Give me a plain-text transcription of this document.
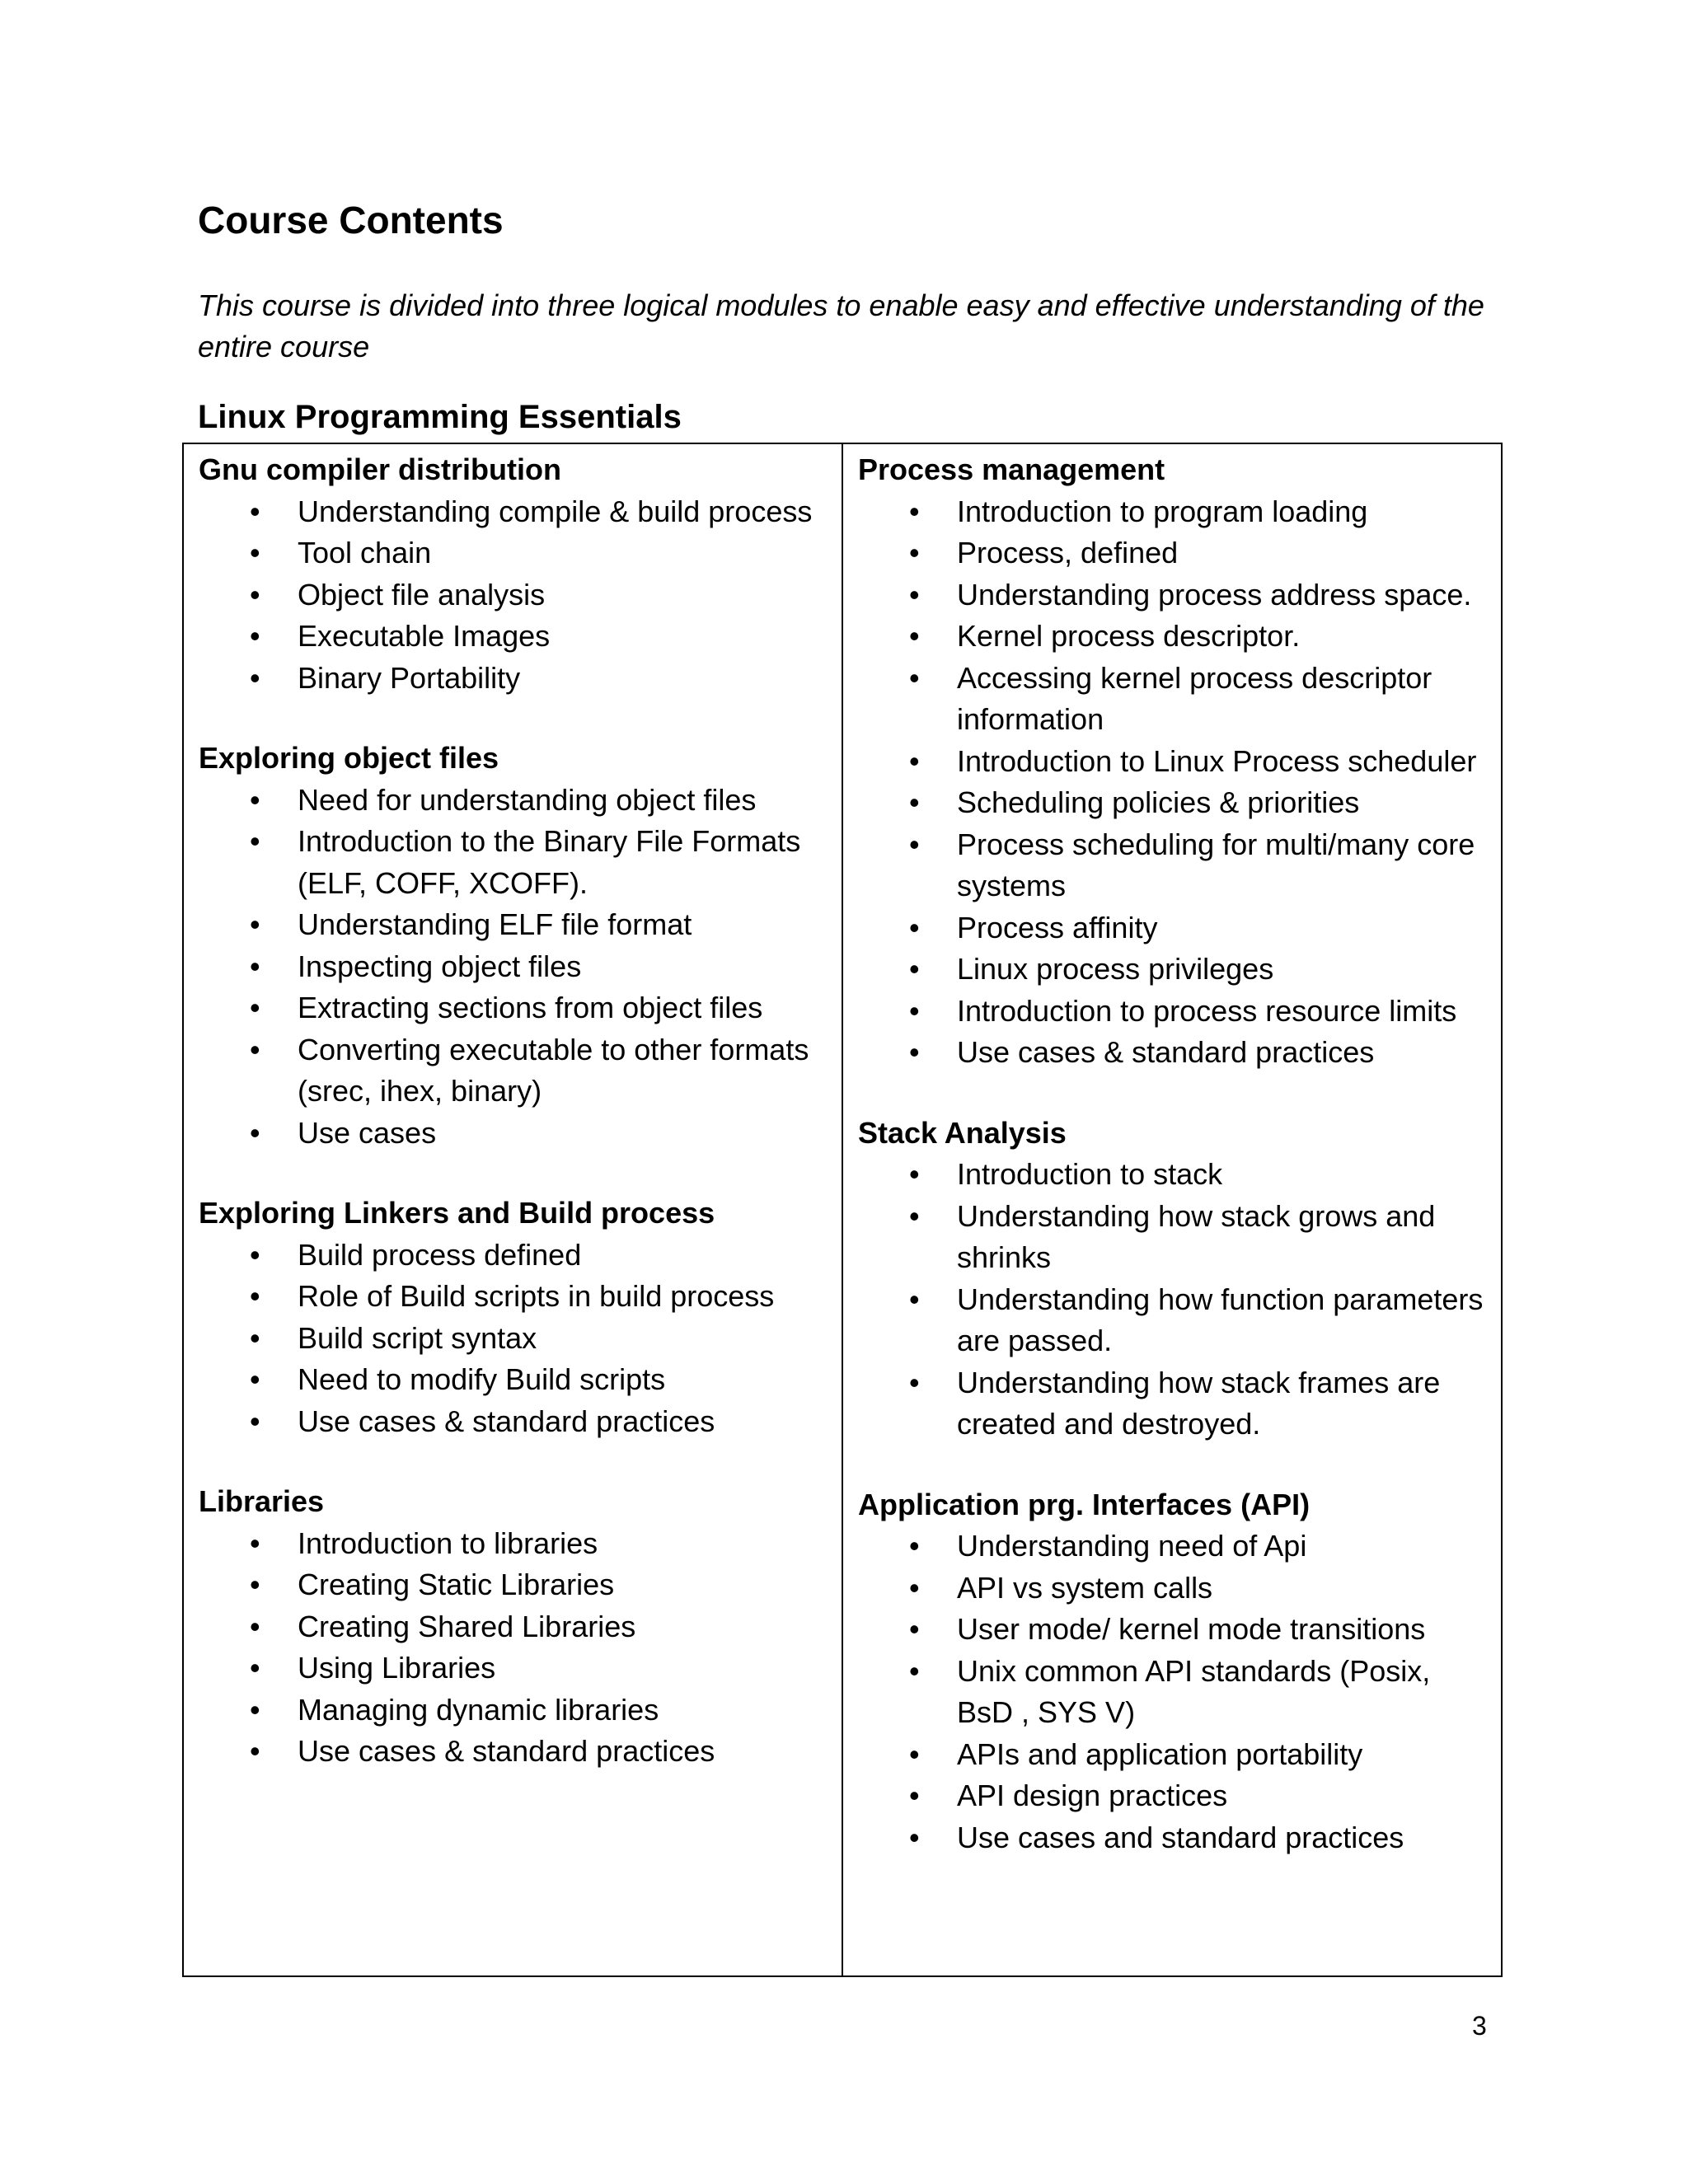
Course Contents

This course is divided into three logical modules to enable easy and effective understanding of the entire course

Linux Programming Essentials
Gnu compiler distribution
• Understanding compile & build process
• Tool chain
• Object file analysis
• Executable Images
• Binary Portability
Exploring object files
• Need for understanding object files
• Introduction to the Binary File Formats (ELF, COFF, XCOFF).
• Understanding ELF file format
• Inspecting object files
• Extracting sections from object files
• Converting executable to other formats (srec, ihex, binary)
• Use cases
Exploring Linkers and Build process
• Build process defined
• Role of Build scripts in build process
• Build script syntax
• Need to modify Build scripts
• Use cases & standard practices
Libraries
• Introduction to libraries
• Creating Static Libraries
• Creating Shared Libraries
• Using Libraries
• Managing dynamic libraries
• Use cases & standard practices
Process management
• Introduction to program loading
• Process, defined
• Understanding process address space.
• Kernel process descriptor.
• Accessing kernel process descriptor information
• Introduction to Linux Process scheduler
• Scheduling policies & priorities
• Process scheduling for multi/many core systems
• Process affinity
• Linux process privileges
• Introduction to process resource limits
• Use cases & standard practices
Stack Analysis
• Introduction to stack
• Understanding how stack grows and shrinks
• Understanding how function parameters are passed.
• Understanding how stack frames are created and destroyed.
Application prg. Interfaces (API)
• Understanding need of Api
• API vs system calls
• User mode/ kernel mode transitions
• Unix common API standards (Posix, BsD , SYS V)
• APIs and application portability
• API design practices
• Use cases and standard practices
3
